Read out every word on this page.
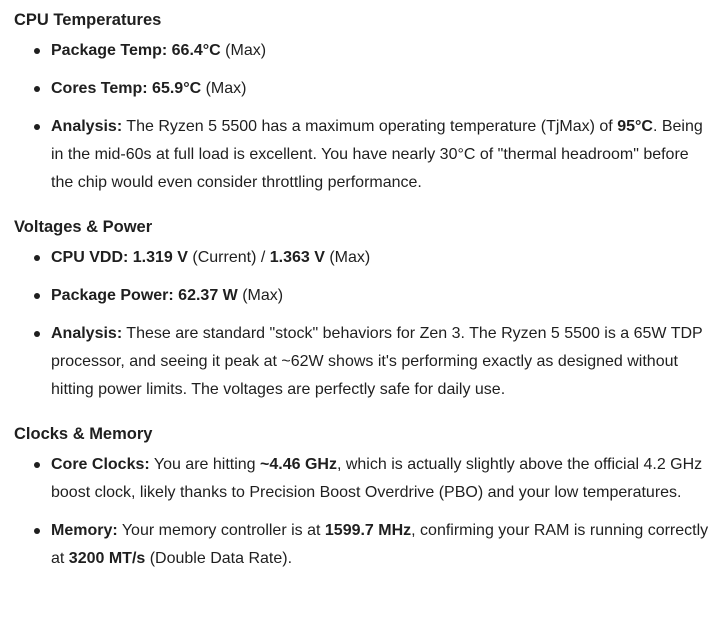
CPU Temperatures
Package Temp: 66.4°C (Max)
Cores Temp: 65.9°C (Max)
Analysis: The Ryzen 5 5500 has a maximum operating temperature (TjMax) of 95°C. Being in the mid-60s at full load is excellent. You have nearly 30°C of "thermal headroom" before the chip would even consider throttling performance.
Voltages & Power
CPU VDD: 1.319 V (Current) / 1.363 V (Max)
Package Power: 62.37 W (Max)
Analysis: These are standard "stock" behaviors for Zen 3. The Ryzen 5 5500 is a 65W TDP processor, and seeing it peak at ~62W shows it's performing exactly as designed without hitting power limits. The voltages are perfectly safe for daily use.
Clocks & Memory
Core Clocks: You are hitting ~4.46 GHz, which is actually slightly above the official 4.2 GHz boost clock, likely thanks to Precision Boost Overdrive (PBO) and your low temperatures.
Memory: Your memory controller is at 1599.7 MHz, confirming your RAM is running correctly at 3200 MT/s (Double Data Rate).
